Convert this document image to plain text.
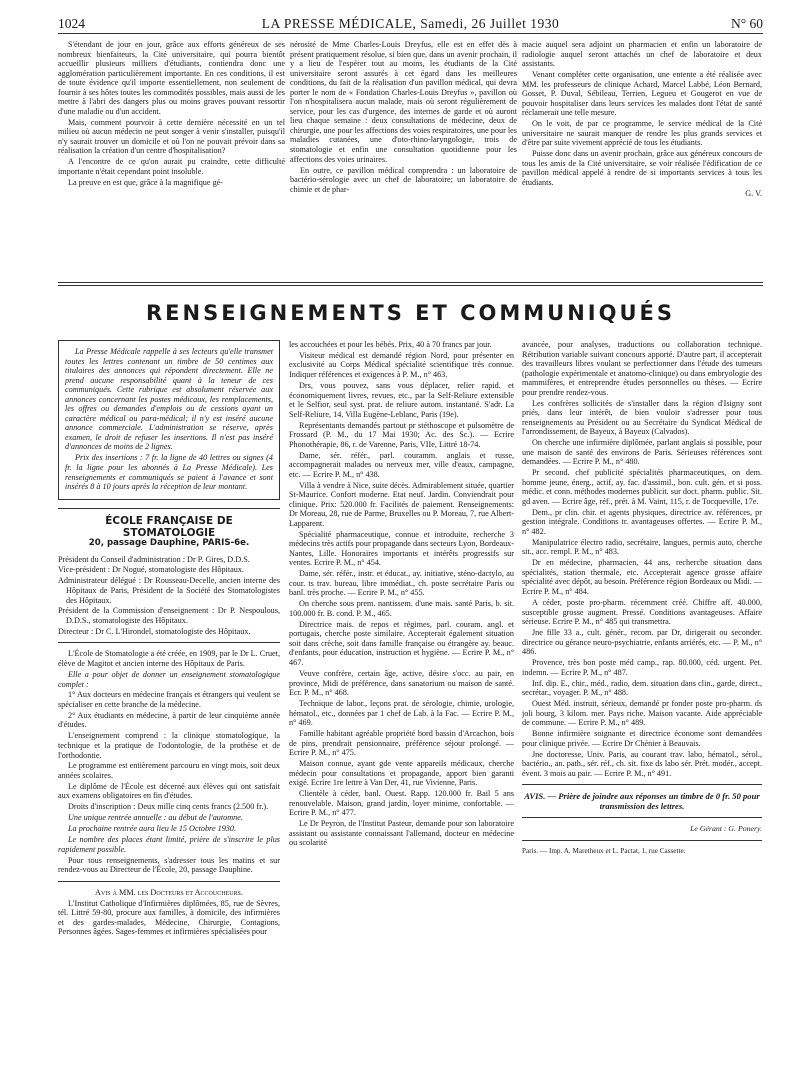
1024	LA PRESSE MÉDICALE, Samedi, 26 Juillet 1930	N° 60

S'étendant de jour en jour, grâce aux efforts généreux de ses nombreux bienfaiteurs, la Cité universitaire, qui pourra bientôt accueillir plusieurs milliers d'étudiants, contiendra donc une agglomération particulièrement importante. En ces conditions, il est de toute évidence qu'il importe essentiellement, non seulement de fournir à ses hôtes toutes les commodités possibles, mais aussi de les mettre à l'abri des dangers plus ou moins graves pouvant ressortir d'une maladie ou d'un accident.

Mais, comment pourvoir à cette dernière nécessité en un tel milieu où aucun médecin ne peut songer à venir s'installer, puisqu'il n'y saurait trouver un domicile et où l'on ne pouvait prévoir dans sa réalisation la création d'un centre d'hospitalisation?

A l'encontre de ce qu'on aurait pu craindre, cette difficulté importante n'était cependant point insoluble.

La preuve en est que, grâce à la magnifique gé-

nérosité de Mme Charles-Louis Dreyfus, elle est en effet dès à présent pratiquement résolue, si bien que, dans un avenir prochain, il y a lieu de l'espérer tout au moins, les étudiants de la Cité universitaire seront assurés à cet égard dans les meilleures conditions, du fait de la réalisation d'un pavillon médical, qui devra porter le nom de « Fondation Charles-Louis Dreyfus », pavillon où l'on n'hospitalisera aucun malade, mais où seront régulièrement de service, pour les cas d'urgence, des internes de garde et où auront lieu chaque semaine : deux consultations de médecine, deux de chirurgie, une pour les affections des voies respiratoires, une pour les maladies cutanées, une d'oto-rhino-laryngologie, trois de stomatologie et enfin une consultation quotidienne pour les affections des voies urinaires.

En outre, ce pavillon médical comprendra : un laboratoire de bactério-sérologie avec un chef de laboratoire; un laboratoire de chimie et de phar-

macie auquel sera adjoint un pharmacien et enfin un laboratoire de radiologie auquel seront attachés un chef de laboratoire et deux assistants.

Venant compléter cette organisation, une entente a été réalisée avec MM. les professeurs de clinique Achard, Marcel Labbé, Léon Bernard, Gosset, P. Duval, Sébileau, Terrien, Legueu et Gougerot en vue de pouvoir hospitaliser dans leurs services les malades dont l'état de santé réclamerait une telle mesure.

On le voit, de par ce programme, le service médical de la Cité universitaire ne saurait manquer de rendre les plus grands services et d'être par suite vivement apprécié de tous les étudiants.

Puisse donc dans un avenir prochain, grâce aux généreux concours de tous les amis de la Cité universitaire, se voir réalisée l'édification de ce pavillon médical appelé à rendre de si importants services à tous les étudiants.

G. V.

RENSEIGNEMENTS ET COMMUNIQUÉS

La Presse Médicale rappelle à ses lecteurs qu'elle transmet toutes les lettres contenant un timbre de 50 centimes aux titulaires des annonces qui répondent directement. Elle ne prend aucune responsabilité quant à la teneur de ces communiqués. Cette rubrique est absolument réservée aux annonces concernant les postes médicaux, les remplacements, les offres ou demandes d'emplois ou de cessions ayant un caractère médical ou para-médical; il n'y est inséré aucune annonce commerciale. L'administration se réserve, après examen, le droit de refuser les insertions. Il n'est pas inséré d'annonces de moins de 2 lignes.

Prix des insertions : 7 fr. la ligne de 40 lettres ou signes (4 fr. la ligne pour les abonnés à La Presse Médicale). Les renseignements et communiqués se paient à l'avance et sont insérés 8 à 10 jours après la réception de leur montant.

ÉCOLE FRANÇAISE DE STOMATOLOGIE
20, passage Dauphine, PARIS-6e.

Président du Conseil d'administration : Dr P. Gires, D.D.S.

Vice-président : Dr Nogué, stomatologiste des Hôpitaux.

Administrateur délégué : Dr Rousseau-Decelle, ancien interne des Hôpitaux de Paris, Président de la Société des Stomatologistes des Hôpitaux.

Président de la Commission d'enseignement : Dr P. Nespoulous, D.D.S., stomatologiste des Hôpitaux.

Directeur : Dr C. L'Hirondel, stomatologiste des Hôpitaux.

L'École de Stomatologie a été créée, en 1909, par le Dr L. Cruet, élève de Magitot et ancien interne des Hôpitaux de Paris.

Elle a pour objet de donner un enseignement stomatologique complet :

1° Aux docteurs en médecine français et étrangers qui veulent se spécialiser en cette branche de la médecine.

2° Aux étudiants en médecine, à partir de leur cinquième année d'études.

L'enseignement comprend : la clinique stomatologique, la technique et la pratique de l'odontologie, de la prothèse et de l'orthodontie.

Le programme est entièrement parcouru en vingt mois, soit deux années scolaires.

Le diplôme de l'École est décerné aux élèves qui ont satisfait aux examens obligatoires en fin d'études.

Droits d'inscription : Deux mille cinq cents francs (2.500 fr.).

Une unique rentrée annuelle : au début de l'automne.

La prochaine rentrée aura lieu le 15 Octobre 1930.

Le nombre des places étant limité, prière de s'inscrire le plus rapidement possible.

Pour tous renseignements, s'adresser tous les matins et sur rendez-vous au Directeur de l'École, 20, passage Dauphine.

Avis à MM. les Docteurs et Accoucheurs.

L'Institut Catholique d'Infirmières diplômées, 85, rue de Sèvres, tél. Littré 59-80, procure aux familles, à domicile, des infirmières et des gardes-malades, Médecine, Chirurgie, Contagions, Personnes âgées. Sages-femmes et infirmières spécialisées pour

les accouchées et pour les bébés. Prix, 40 à 70 francs par jour.

Visiteur médical est demandé région Nord, pour présenter en exclusivité au Corps Médical spécialité scientifique très connue. Indiquer références et exigences à P. M., n° 463.

Drs, vous pouvez, sans vous déplacer, relier rapid. et économiquement livres, revues, etc., par la Self-Reliure extensible et le Selfior, seul syst. prat. de reliure autom. instantané. S'adr. La Self-Reliure, 14, Villa Eugène-Leblanc, Paris (19e).

Représentants demandés partout pr stéthoscope et pulsomètre de Frossard (P. M., du 17 Mai 1930; Ac. des Sc.). — Ecrire Phonothérapie, 86, r. de Varenne, Paris, VIIe, Littré 18-74.

Dame, sér. référ., parl. couramm. anglais et russe, accompagnerait malades ou nerveux mer, ville d'eaux, campagne, etc. — Ecrire P. M., n° 438.

Villa à vendre à Nice, suite décès. Admirablement située, quartier St-Maurice. Confort moderne. Etat neuf. Jardin. Conviendrait pour clinique. Prix: 520.000 fr. Facilités de paiement. Renseignements: Dr Moreau, 28, rue de Parme, Bruxelles ou P. Moreau, 7, rue Albert-Lapparent.

Spécialité pharmaceutique, connue et introduite, recherche 3 médecins très actifs pour propagande dans secteurs Lyon, Bordeaux-Nantes, Lille. Honoraires importants et intérêts progressifs sur ventes. Ecrire P. M., n° 454.

Dame, sér. référ., instr. et éducat., ay. initiative, sténo-dactylo, au cour. ts trav. bureau, libre immédiat., ch. poste secrétaire Paris ou banl. très proche. — Ecrire P. M., n° 455.

On cherche sous prem. nantissem. d'une mais. santé Paris, b. sit. 100.000 fr. B. cond. P. M., 465.

Directrice mais. de repos et régimes, parl. couram. angl. et portugais, cherche poste similaire. Accepterait également situation soit dans crèche, soit dans famille française ou étrangère ay. beauc. d'enfants, pour éducation, instruction et hygiène. — Ecrire P. M., n° 467.

Veuve confrère, certain âge, active, désire s'occ. au pair, en province, Midi de préférence, dans sanatorium ou maison de santé. Ecr. P. M., n° 468.

Technique de labor., leçons prat. de sérologie, chimie, urologie, hématol., etc., données par 1 chef de Lab. à la Fac. — Ecrire P. M., n° 469.

Famille habitant agréable propriété bord bassin d'Arcachon, bois de pins, prendrait pensionnaire, préférence séjour prolongé. — Ecrire P. M., n° 475.

Maison connue, ayant gde vente appareils médicaux, cherche médecin pour consultations et propagande, apport bien garanti exigé. Ecrire 1re lettre à Van Der, 41, rue Vivienne, Paris.

Clientèle à céder, banl. Ouest. Rapp. 120.000 fr. Bail 5 ans renouvelable. Maison, grand jardin, loyer minime, confortable. — Ecrire P. M., n° 477.

Le Dr Peyron, de l'Institut Pasteur, demande pour son laboratoire assistant ou assistante connaissant l'allemand, docteur en médecine ou scolarité

avancée, pour analyses, traductions ou collaboration technique. Rétribution variable suivant concours apporté. D'autre part, il accepterait des travailleurs libres voulant se perfectionner dans l'étude des tumeurs (pathologie expérimentale et anatomo-clinique) ou dans embryologie des mammifères, et entreprendre études personnelles ou thèses. — Ecrire pour prendre rendez-vous.

Les confrères sollicités de s'installer dans la région d'Isigny sont priés, dans leur intérêt, de bien vouloir s'adresser pour tous renseignements au Président ou au Secrétaire du Syndicat Médical de l'arrondissement, de Bayeux, à Bayeux (Calvados).

On cherche une infirmière diplômée, parlant anglais si possible, pour une maison de santé des environs de Paris. Sérieuses références sont demandées. — Ecrire P. M., n° 480.

Pr second. chef publicité spécialités pharmaceutiques, on dem. homme jeune, énerg., actif, ay. fac. d'assimil., bon. cult. gén. et si poss. médic. et conn. méthodes modernes publicit. sur doct. pharm. public. Sit. gd aven. — Ecrire âge, réf., prét. à M. Vaint, 115, r. de Tocqueville, 17e.

Dem., pr clin. chir. et agents physiques, directrice av. références, pr gestion intégrale. Conditions tr. avantageuses offertes. — Ecrire P. M., n° 482.

Manipulatrice électro radio, secrétaire, langues, permis auto, cherche sit., acc. rempl. P. M., n° 483.

Dr en médecine, pharmacien, 44 ans, recherche situation dans spécialités, station thermale, etc. Accepterait agence grosse affaire spécialité avec dépôt, au besoin. Préférence région Bordeaux ou Midi. — Ecrire P. M., n° 484.

A céder, poste pro-pharm. récemment créé. Chiffre aff. 40.000, susceptible grosse augment. Pressé. Conditions avantageuses. Affaire sérieuse. Ecrire P. M., n° 485 qui transmettra.

Jne fille 33 a., cult. génér., recom. par Dr, dirigerait ou seconder. directrice ou gérance neuro-psychiatrie, enfants arriérés, etc. — P. M., n° 486.

Provence, très bon poste méd camp., rap. 80.000, céd. urgent. Pet. indemn. — Ecrire P. M., n° 487.

Inf. dip. E., chir., méd., radio, dem. situation dans clin., garde, direct., secrétar., voyager. P. M., n° 488.

Ouest Méd. instruit, sérieux, demandé pr fonder poste pro-pharm. ds joli bourg, 3 kilom. mer. Pays riche. Maison vacante. Aide appréciable de commune. — Ecrire P. M., n° 489.

Bonne infirmière soignante et directrice économe sont demandées pour clinique privée. — Ecrire Dr Chénier à Beauvais.

Jne doctoresse, Univ. Paris, au courant trav. labo, hématol., sérol., bactério., an. path., sér. réf., ch. sit. fixe ds labo sér. Prét. modér., accept. évent. 3 mois au pair. — Ecrire P. M., n° 491.

AVIS. — Prière de joindre aux réponses un timbre de 0 fr. 50 pour transmission des lettres.

Le Gérant : G. Ponery.

Paris. — Imp. A. Maretheux et L. Pactat, 1, rue Cassette.
